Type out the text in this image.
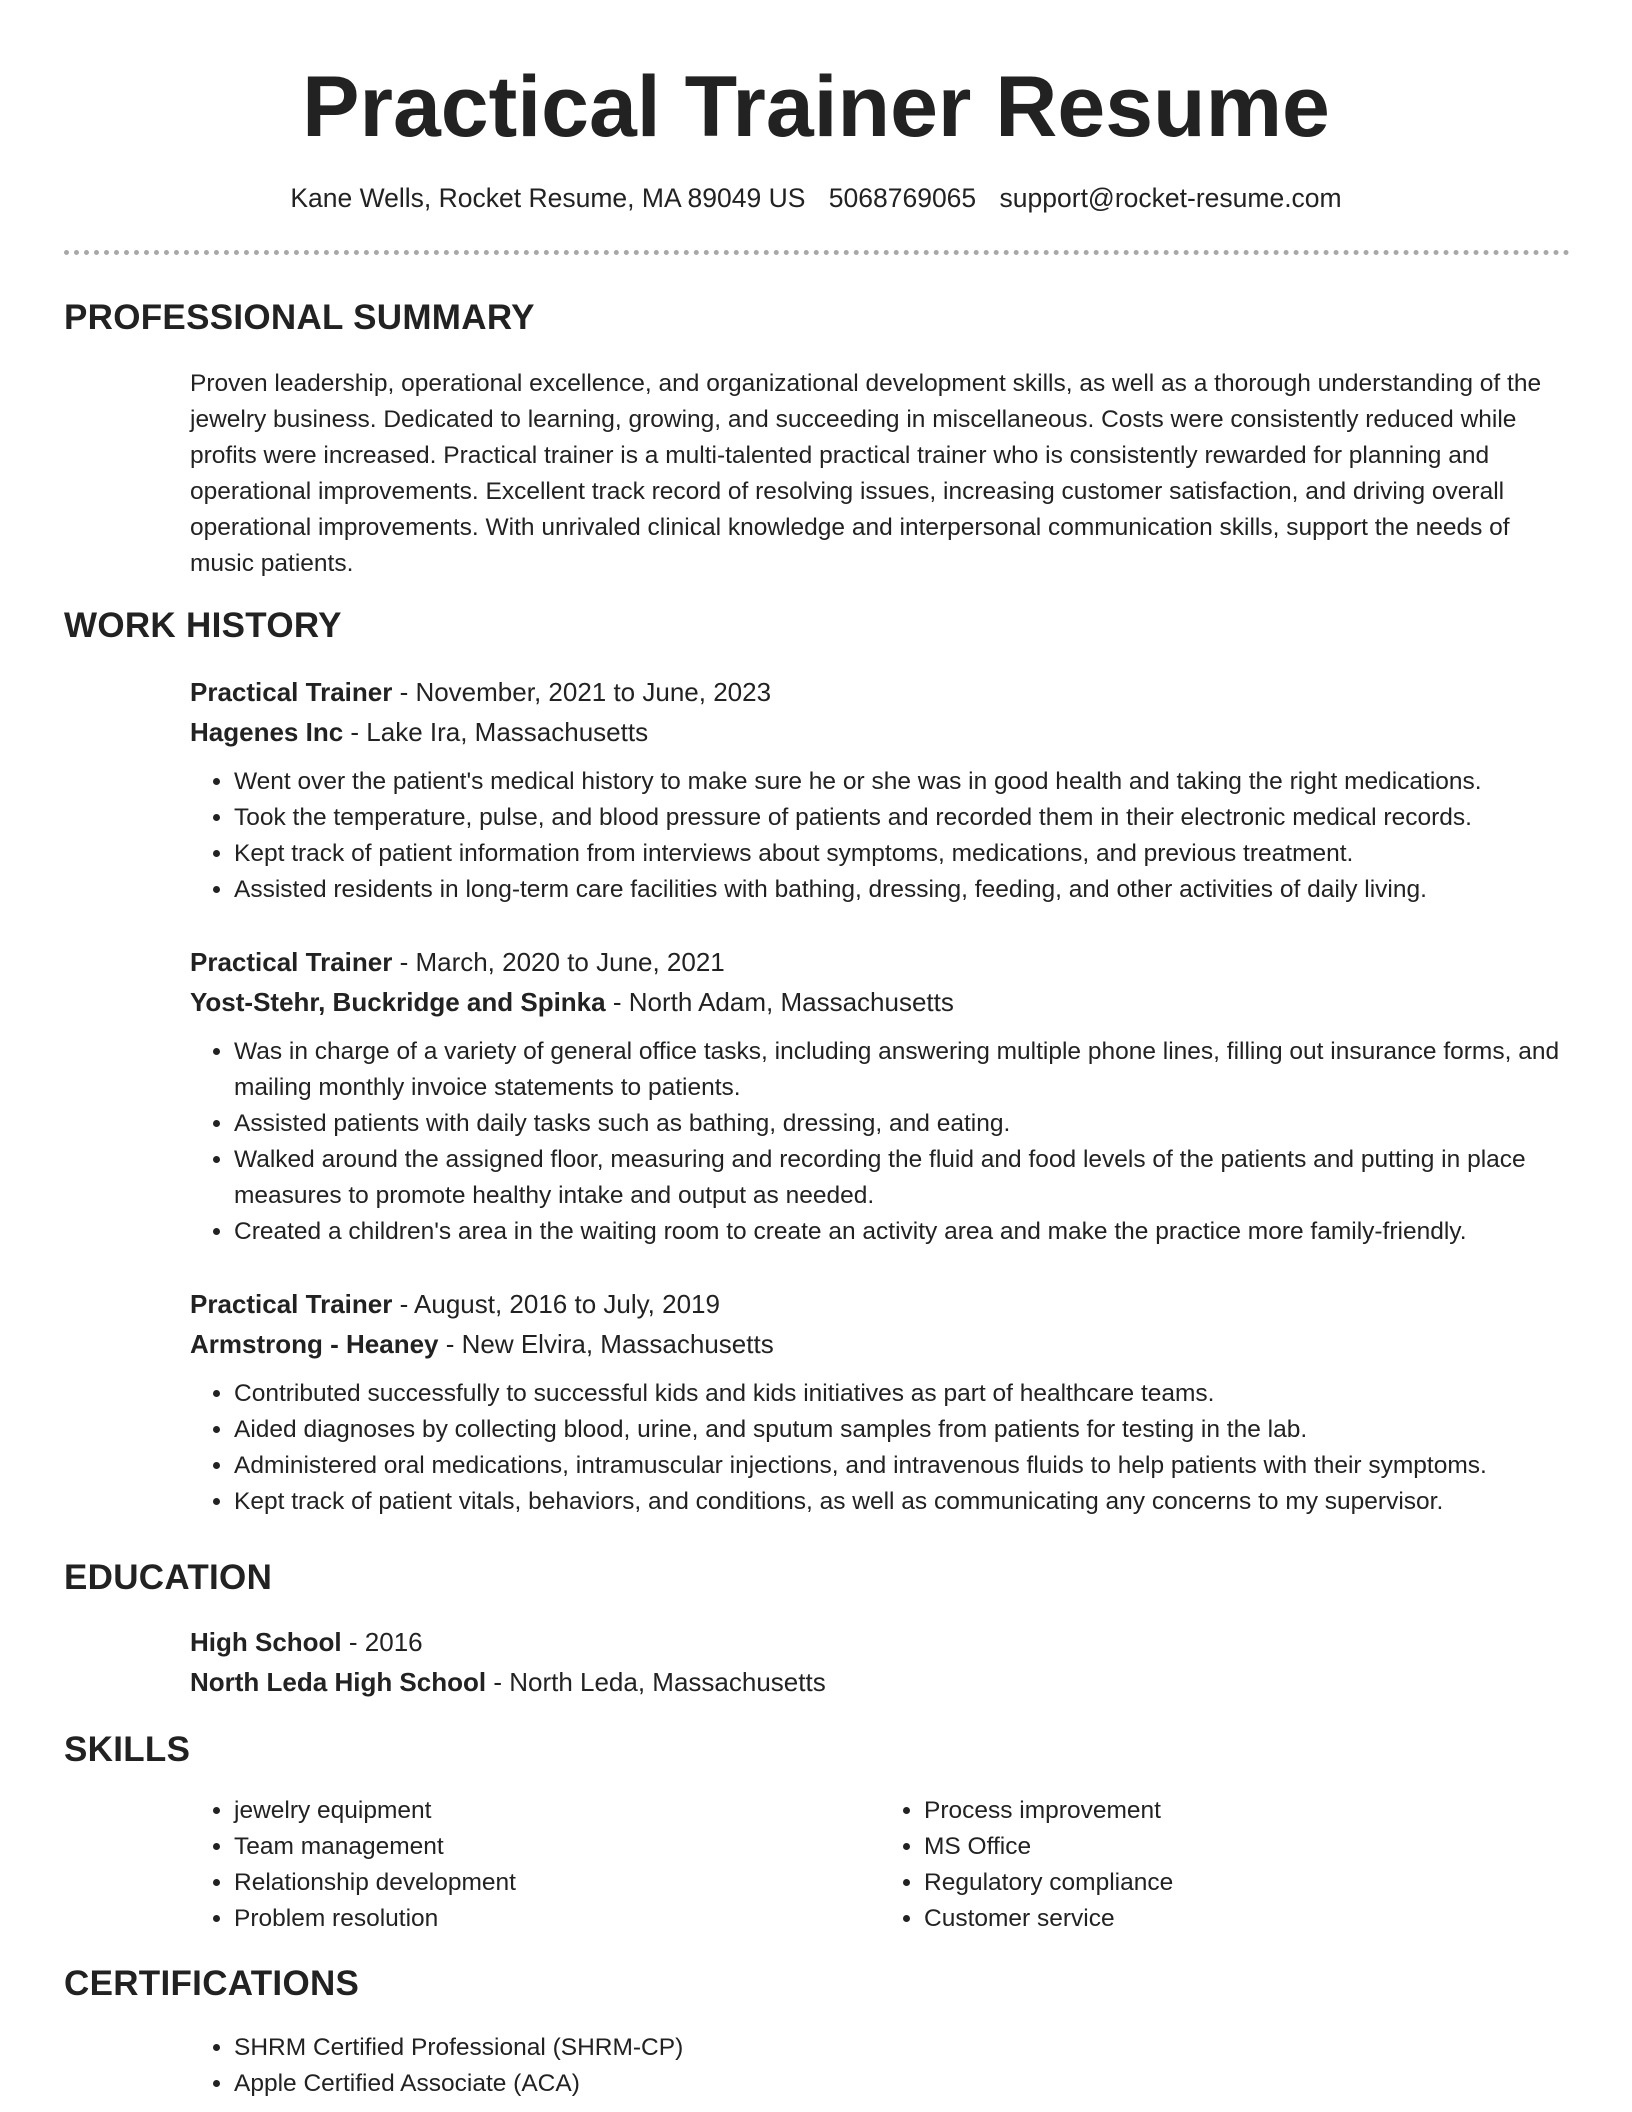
Practical Trainer Resume
Kane Wells, Rocket Resume, MA 89049 US 5068769065 support@rocket-resume.com
PROFESSIONAL SUMMARY

Proven leadership, operational excellence, and organizational development skills, as well as a thorough understanding of the jewelry business. Dedicated to learning, growing, and succeeding in miscellaneous. Costs were consistently reduced while profits were increased. Practical trainer is a multi-talented practical trainer who is consistently rewarded for planning and operational improvements. Excellent track record of resolving issues, increasing customer satisfaction, and driving overall operational improvements. With unrivaled clinical knowledge and interpersonal communication skills, support the needs of music patients.

WORK HISTORY
Practical Trainer - November, 2021 to June, 2023
Hagenes Inc - Lake Ira, Massachusetts
• Went over the patient's medical history to make sure he or she was in good health and taking the right medications.
• Took the temperature, pulse, and blood pressure of patients and recorded them in their electronic medical records.
• Kept track of patient information from interviews about symptoms, medications, and previous treatment.
• Assisted residents in long-term care facilities with bathing, dressing, feeding, and other activities of daily living.
Practical Trainer - March, 2020 to June, 2021
Yost-Stehr, Buckridge and Spinka - North Adam, Massachusetts
• Was in charge of a variety of general office tasks, including answering multiple phone lines, filling out insurance forms, and mailing monthly invoice statements to patients.
• Assisted patients with daily tasks such as bathing, dressing, and eating.
• Walked around the assigned floor, measuring and recording the fluid and food levels of the patients and putting in place measures to promote healthy intake and output as needed.
• Created a children's area in the waiting room to create an activity area and make the practice more family-friendly.
Practical Trainer - August, 2016 to July, 2019
Armstrong - Heaney - New Elvira, Massachusetts
• Contributed successfully to successful kids and kids initiatives as part of healthcare teams.
• Aided diagnoses by collecting blood, urine, and sputum samples from patients for testing in the lab.
• Administered oral medications, intramuscular injections, and intravenous fluids to help patients with their symptoms.
• Kept track of patient vitals, behaviors, and conditions, as well as communicating any concerns to my supervisor.
EDUCATION
High School - 2016
North Leda High School - North Leda, Massachusetts
SKILLS
• jewelry equipment
• Team management
• Relationship development
• Problem resolution
• Process improvement
• MS Office
• Regulatory compliance
• Customer service
CERTIFICATIONS
• SHRM Certified Professional (SHRM-CP)
• Apple Certified Associate (ACA)
